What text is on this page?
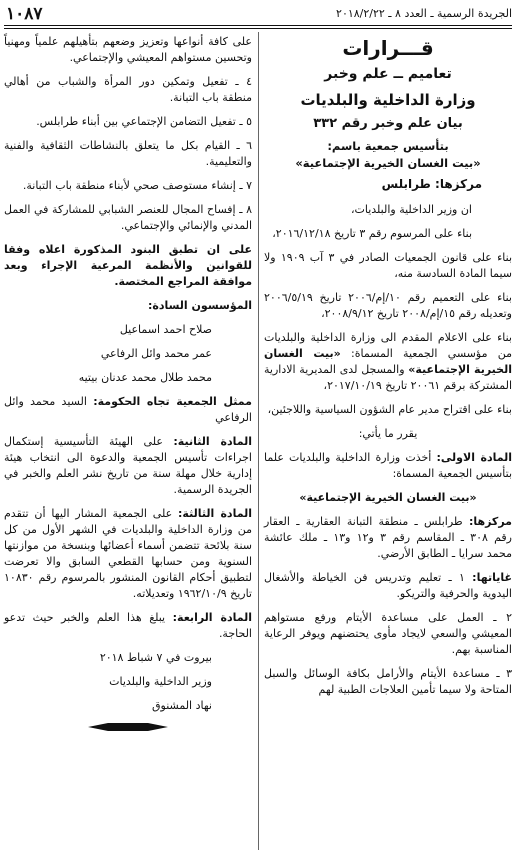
الجريدة الرسمية ـ العدد ٨ ـ ٢٠١٨/٢/٢٢
١٠٨٧
قـــرارات
تعاميم ــ علم وخبر
وزارة الداخلية والبلديات
بيان علم وخبر رقم ٣٣٢
بتأسيس جمعية باسم:
«بيت الغسان الخيرية الإجتماعية»
مركزها: طرابلس

ان وزير الداخلية والبلديات،

بناء على المرسوم رقم ٣ تاريخ ٢٠١٦/١٢/١٨،

بناء على قانون الجمعيات الصادر في ٣ آب ١٩٠٩ ولا سيما المادة السادسة منه،

بناء على التعميم رقم ١٠/إم/٢٠٠٦ تاريخ ٢٠٠٦/٥/١٩ وتعديله رقم ١٥/إم/٢٠٠٨ تاريخ ٢٠٠٨/٩/١٢،

بناء على الاعلام المقدم الى وزارة الداخلية والبلديات من مؤسسي الجمعية المسماة: «بيت الغسان الخيرية الإجتماعية» والمسجل لدى المديرية الادارية المشتركة برقم ٢٠٠٦١ تاريخ ٢٠١٧/١٠/١٩،

بناء على اقتراح مدير عام الشؤون السياسية واللاجئين،

يقرر ما يأتي:

المادة الاولى: أخذت وزارة الداخلية والبلديات علما بتأسيس الجمعية المسماة:

«بيت الغسان الخيرية الإجتماعية»

مركزها: طرابلس ـ منطقة التبانة العقارية ـ العقار رقم ٣٠٨ ـ المقاسم رقم ٣ و١٢ و١٣ ـ ملك عائشة محمد سرايا ـ الطابق الأرضي.

غاياتها: ١ ـ تعليم وتدريس فن الخياطة والأشغال اليدوية والحرفية والتريكو.

٢ ـ العمل على مساعدة الأيتام ورفع مستواهم المعيشي والسعي لايجاد مأوى يحتضنهم ويوفر الرعاية المناسبة بهم.

٣ ـ مساعدة الأيتام والأرامل بكافة الوسائل والسبل المتاحة ولا سيما تأمين العلاجات الطبية لهم

على كافة أنواعها وتعزيز وضعهم بتأهيلهم علمياً ومهنياً وتحسين مستواهم المعيشي والإجتماعي.

٤ ـ تفعيل وتمكين دور المرأة والشباب من أهالي منطقة باب التبانة.

٥ ـ تفعيل التضامن الإجتماعي بين أبناء طرابلس.

٦ ـ القيام بكل ما يتعلق بالنشاطات الثقافية والفنية والتعليمية.

٧ ـ إنشاء مستوصف صحي لأبناء منطقة باب التبانة.

٨ ـ إفساح المجال للعنصر الشبابي للمشاركة في العمل المدني والإنمائي والإجتماعي.

على ان تطبق البنود المذكورة اعلاه وفقا للقوانين والأنظمة المرعية الإجراء وبعد موافقة المراجع المختصة.

المؤسسون السادة:

صلاح احمد اسماعيل

عمر محمد وائل الرفاعي

محمد طلال محمد عدنان بيتيه

ممثل الجمعية تجاه الحكومة: السيد محمد وائل الرفاعي

المادة الثانية: على الهيئة التأسيسية إستكمال اجراءات تأسيس الجمعية والدعوة الى انتخاب هيئة إدارية خلال مهلة سنة من تاريخ نشر العلم والخبر في الجريدة الرسمية.

المادة الثالثة: على الجمعية المشار اليها أن تتقدم من وزارة الداخلية والبلديات في الشهر الأول من كل سنة بلائحة تتضمن أسماء أعضائها وبنسخة من موازنتها السنوية ومن حسابها القطعي السابق والا تعرضت لتطبيق أحكام القانون المنشور بالمرسوم رقم ١٠٨٣٠ تاريخ ١٩٦٢/١٠/٩ وتعديلاته.

المادة الرابعة: يبلغ هذا العلم والخبر حيث تدعو الحاجة.

بيروت في ٧ شباط ٢٠١٨

وزير الداخلية والبلديات

نهاد المشنوق
